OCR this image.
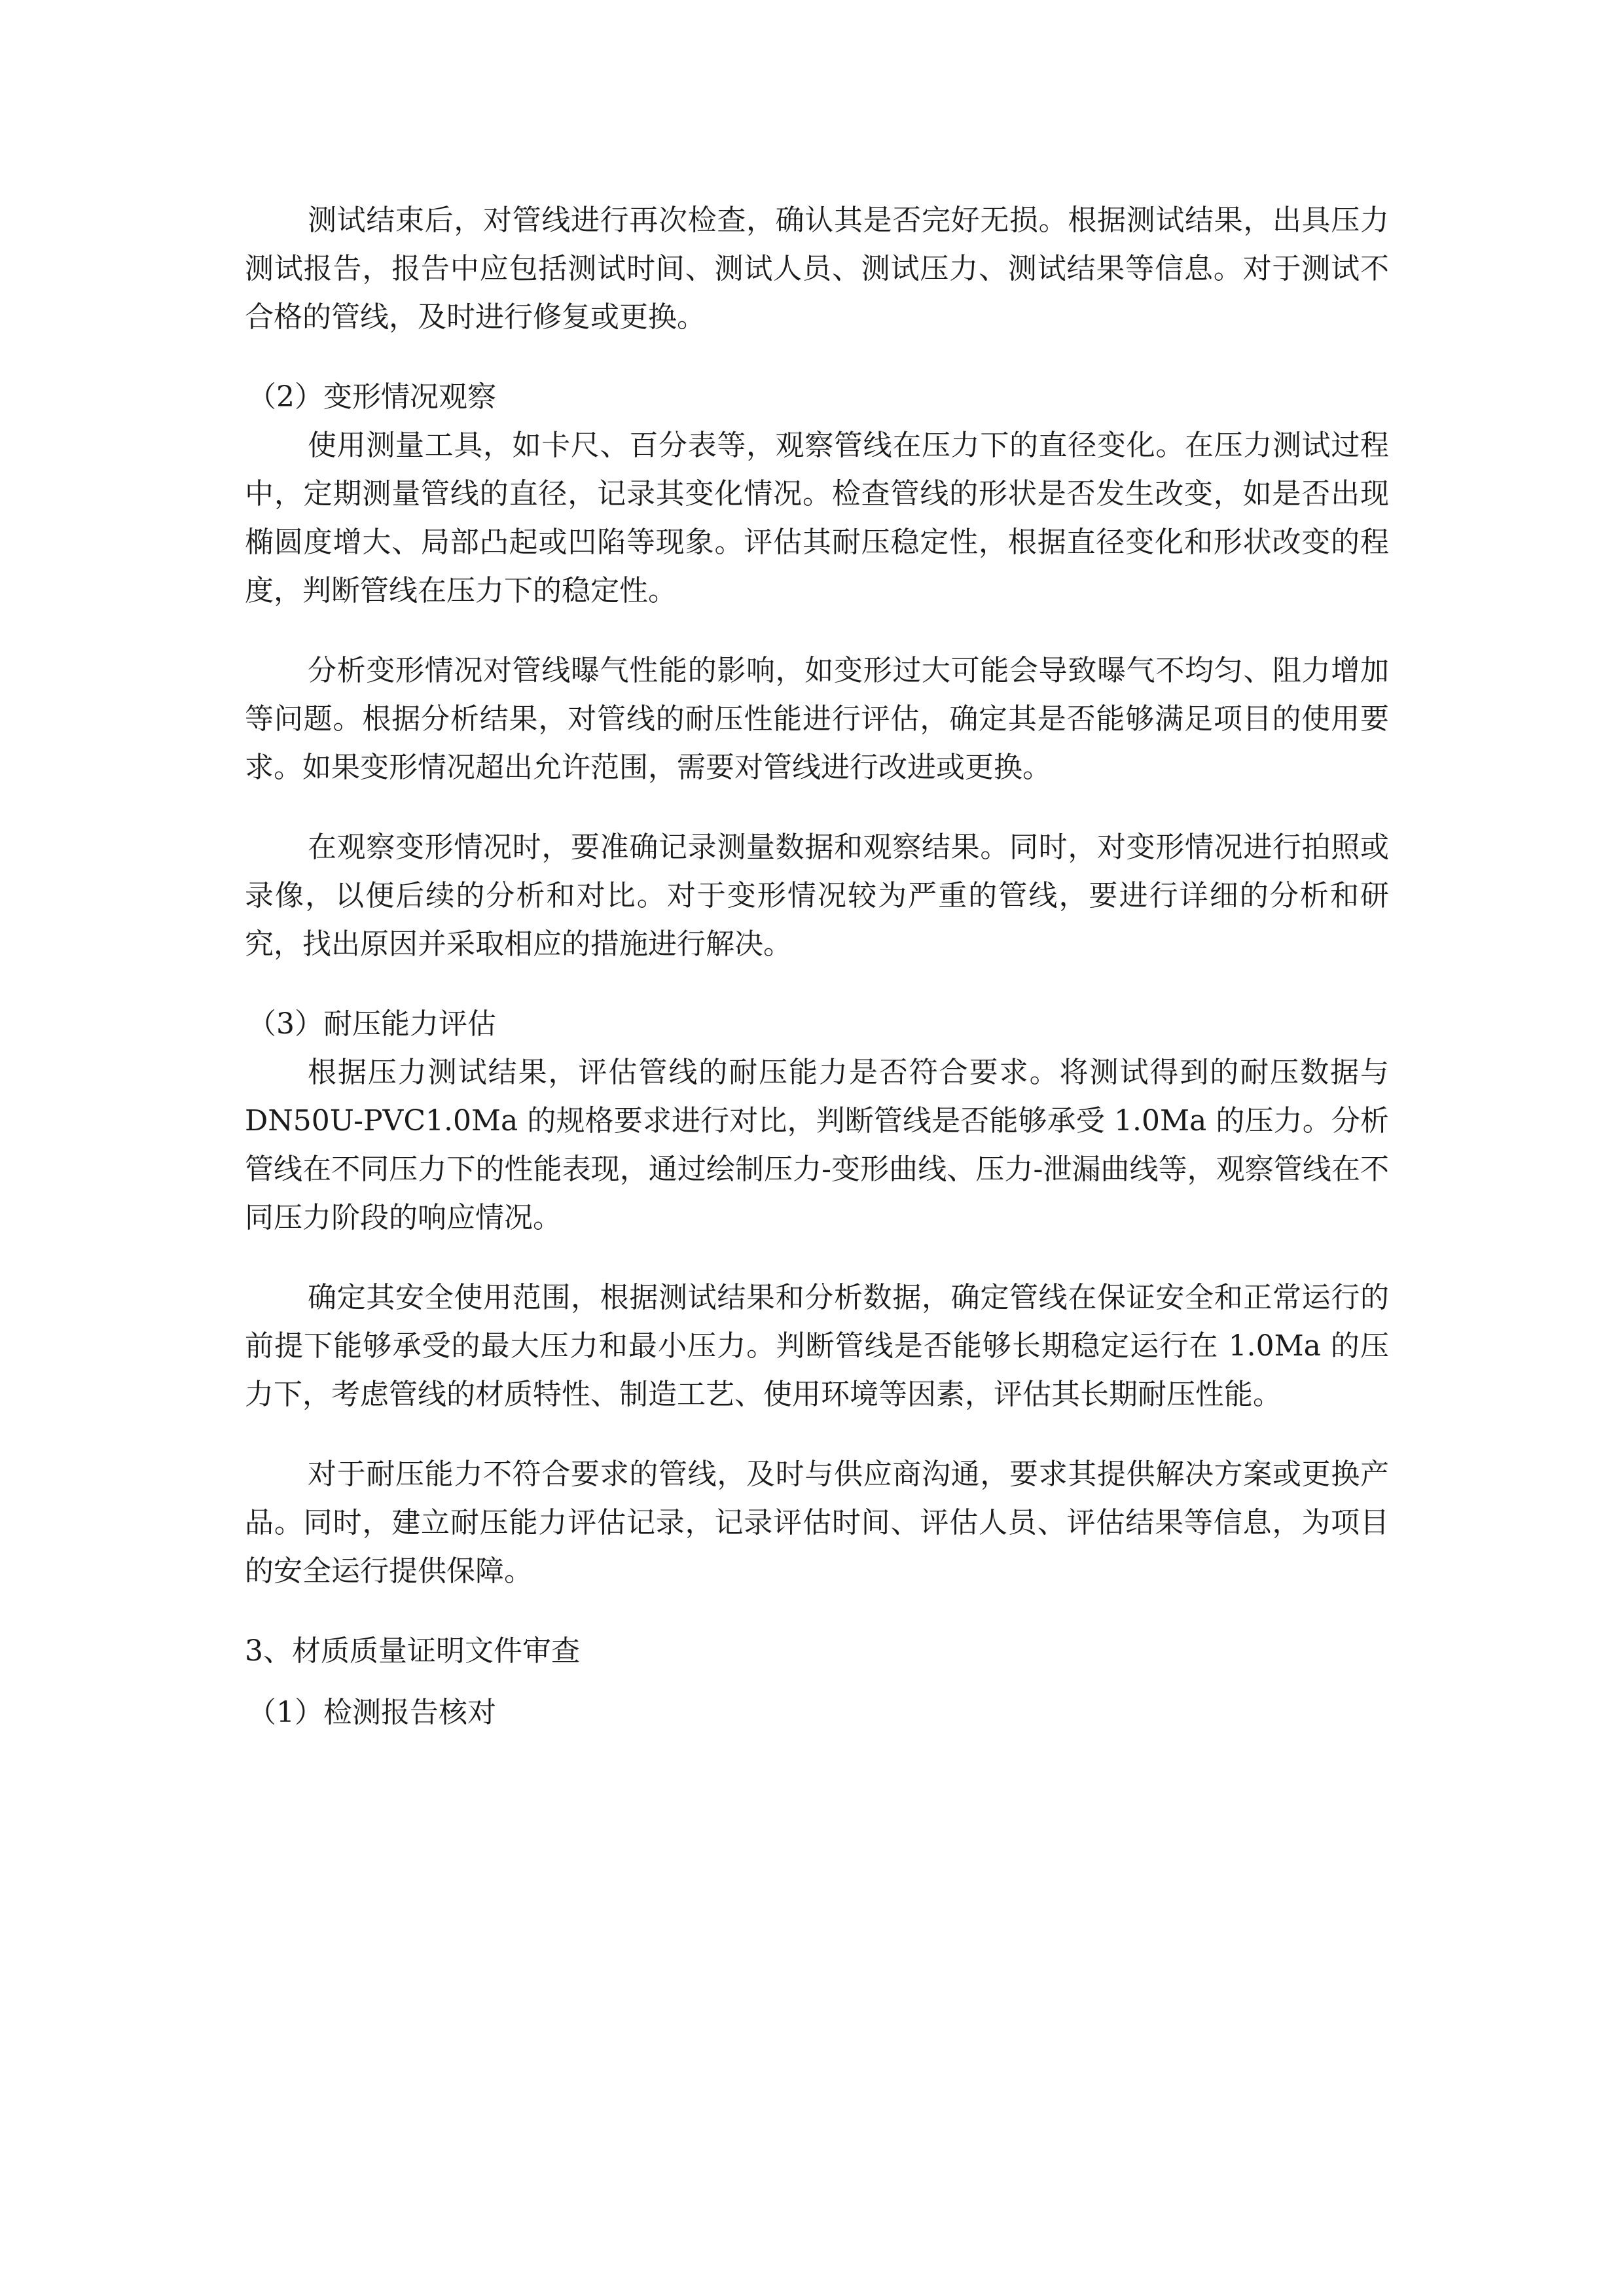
测试结束后，对管线进行再次检查，确认其是否完好无损。根据测试结果，出具压力测试报告，报告中应包括测试时间、测试人员、测试压力、测试结果等信息。对于测试不合格的管线，及时进行修复或更换。

（2）变形情况观察

使用测量工具，如卡尺、百分表等，观察管线在压力下的直径变化。在压力测试过程中，定期测量管线的直径，记录其变化情况。检查管线的形状是否发生改变，如是否出现椭圆度增大、局部凸起或凹陷等现象。评估其耐压稳定性，根据直径变化和形状改变的程度，判断管线在压力下的稳定性。

分析变形情况对管线曝气性能的影响，如变形过大可能会导致曝气不均匀、阻力增加等问题。根据分析结果，对管线的耐压性能进行评估，确定其是否能够满足项目的使用要求。如果变形情况超出允许范围，需要对管线进行改进或更换。

在观察变形情况时，要准确记录测量数据和观察结果。同时，对变形情况进行拍照或录像，以便后续的分析和对比。对于变形情况较为严重的管线，要进行详细的分析和研究，找出原因并采取相应的措施进行解决。

（3）耐压能力评估

根据压力测试结果，评估管线的耐压能力是否符合要求。将测试得到的耐压数据与 DN50U-PVC1.0Ma 的规格要求进行对比，判断管线是否能够承受 1.0Ma 的压力。分析管线在不同压力下的性能表现，通过绘制压力-变形曲线、压力-泄漏曲线等，观察管线在不同压力阶段的响应情况。

确定其安全使用范围，根据测试结果和分析数据，确定管线在保证安全和正常运行的前提下能够承受的最大压力和最小压力。判断管线是否能够长期稳定运行在 1.0Ma 的压力下，考虑管线的材质特性、制造工艺、使用环境等因素，评估其长期耐压性能。

对于耐压能力不符合要求的管线，及时与供应商沟通，要求其提供解决方案或更换产品。同时，建立耐压能力评估记录，记录评估时间、评估人员、评估结果等信息，为项目的安全运行提供保障。

3、材质质量证明文件审查
（1）检测报告核对
